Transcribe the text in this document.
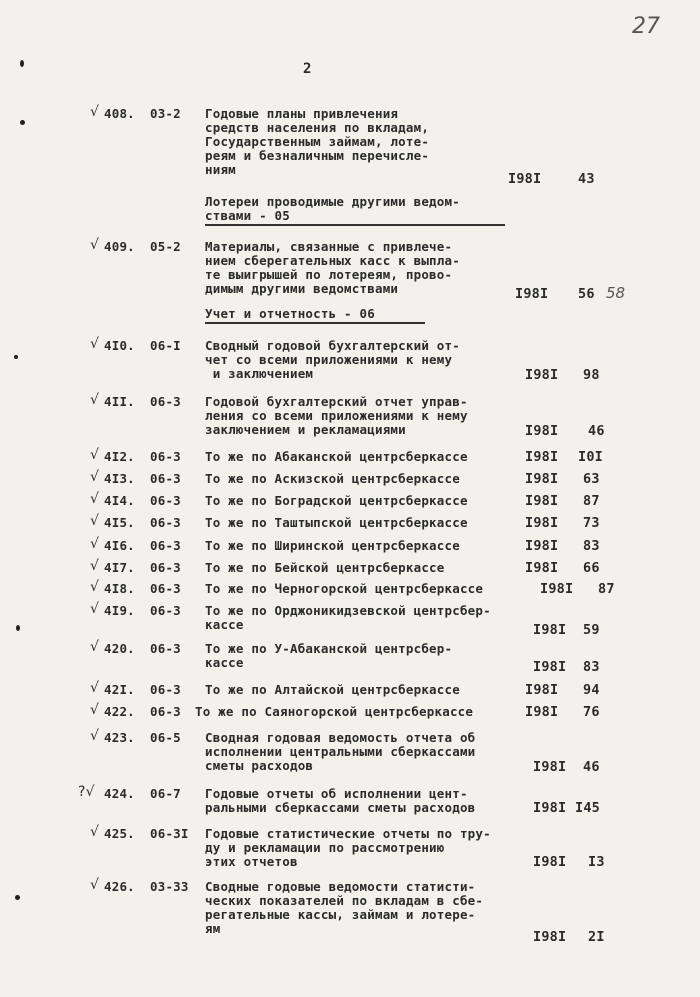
27
2
Лотереи проводимые другими ведом-
ствами - 05
Учет и отчетность - 06
√ 408. 03-2 Годовые планы привлечения
средств населения по вкладам,
Государственным займам, лоте-
реям и безналичным перечисле-
ниям
I98I	43
√ 409. 05-2 Материалы, связанные с привлече-
нием сберегательных касс к выпла-
те выигрышей по лотереям, прово-
димым другими ведомствами	I98I 56 58
√ 4I0. 06-I Сводный годовой бухгалтерский от-
чет со всеми приложениями к нему
и заключением	I98I 98
√ 4II. 06-3 Годовой бухгалтерский отчет управ-
ления со всеми приложениями к нему
заключением и рекламациями	I98I 46
√ 4I2. 06-3 То же по Абаканской центрсберкассе	I98I I0I
√ 4I3. 06-3 То же по Аскизской центрсберкассе	I98I 63
√ 4I4. 06-3 То же по Боградской центрсберкассе	I98I 87
√ 4I5. 06-3 То же по Таштыпской центрсберкассе	I98I 73
√ 4I6. 06-3 То же по Ширинской центрсберкассе	I98I 83
√ 4I7. 06-3 То же по Бейской центрсберкассе	I98I 66
√ 4I8. 06-3 То же по Черногорской центрсберкассе	I98I 87
√ 4I9. 06-3 То же по Орджоникидзевской центрсбер-
кассе	I98I 59
√ 420. 06-3 То же по У-Абаканской центрсбер-
кассе	I98I 83
√ 42I. 06-3 То же по Алтайской центрсберкассе	I98I 94
√ 422. 06-3 То же по Саяногорской центрсберкассе	I98I 76
√ 423. 06-5 Сводная годовая ведомость отчета об
исполнении центральными сберкассами
сметы расходов	I98I 46
?√ 424. 06-7 Годовые отчеты об исполнении цент-
ральными сберкассами сметы расходов	I98I I45
√ 425. 06-3I Годовые статистические отчеты по тру-
ду и рекламации по рассмотрению
этих отчетов	I98I I3
√ 426. 03-33 Сводные годовые ведомости статисти-
ческих показателей по вкладам в сбе-
регательные кассы, займам и лотере-
ям
I98I 2I
